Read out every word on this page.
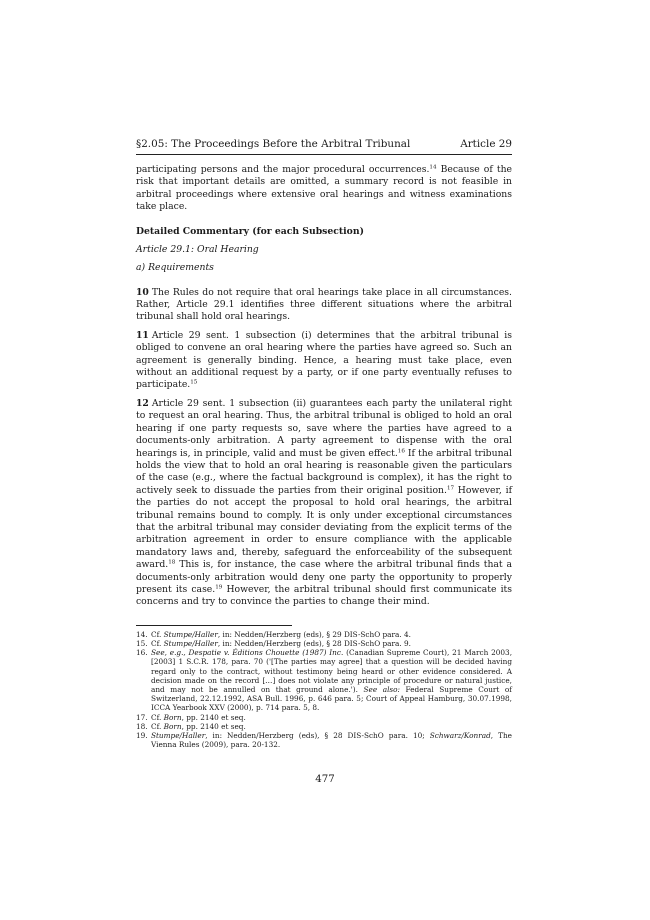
§2.05: The Proceedings Before the Arbitral Tribunal	Article 29

participating persons and the major procedural occurrences.$^{14}$ Because of the risk that important details are omitted, a summary record is not feasible in arbitral proceedings where extensive oral hearings and witness examinations take place.

Detailed Commentary (for each Subsection)
Article 29.1: Oral Hearing
a) Requirements

10 The Rules do not require that oral hearings take place in all circumstances. Rather, Article 29.1 identifies three different situations where the arbitral tribunal shall hold oral hearings.

11 Article 29 sent. 1 subsection (i) determines that the arbitral tribunal is obliged to convene an oral hearing where the parties have agreed so. Such an agreement is generally binding. Hence, a hearing must take place, even without an additional request by a party, or if one party eventually refuses to participate.$^{15}$

12 Article 29 sent. 1 subsection (ii) guarantees each party the unilateral right to request an oral hearing. Thus, the arbitral tribunal is obliged to hold an oral hearing if one party requests so, save where the parties have agreed to a documents-only arbitration. A party agreement to dispense with the oral hearings is, in principle, valid and must be given effect.$^{16}$ If the arbitral tribunal holds the view that to hold an oral hearing is reasonable given the particulars of the case (e.g., where the factual background is complex), it has the right to actively seek to dissuade the parties from their original position.$^{17}$ However, if the parties do not accept the proposal to hold oral hearings, the arbitral tribunal remains bound to comply. It is only under exceptional circumstances that the arbitral tribunal may consider deviating from the explicit terms of the arbitration agreement in order to ensure compliance with the applicable mandatory laws and, thereby, safeguard the enforceability of the subsequent award.$^{18}$ This is, for instance, the case where the arbitral tribunal finds that a documents-only arbitration would deny one party the opportunity to properly present its case.$^{19}$ However, the arbitral tribunal should first communicate its concerns and try to convince the parties to change their mind.

14. Cf. Stumpe/Haller, in: Nedden/Herzberg (eds), § 29 DIS-SchO para. 4.
15. Cf. Stumpe/Haller, in: Nedden/Herzberg (eds), § 28 DIS-SchO para. 9.
16. See, e.g., Despatie v. Éditions Chouette (1987) Inc. (Canadian Supreme Court), 21 March 2003, [2003] 1 S.C.R. 178, para. 70 ('[The parties may agree] that a question will be decided having regard only to the contract, without testimony being heard or other evidence considered. A decision made on the record […] does not violate any principle of procedure or natural justice, and may not be annulled on that ground alone.'). See also: Federal Supreme Court of Switzerland, 22.12.1992, ASA Bull. 1996, p. 646 para. 5; Court of Appeal Hamburg, 30.07.1998, ICCA Yearbook XXV (2000), p. 714 para. 5, 8.
17. Cf. Born, pp. 2140 et seq.
18. Cf. Born, pp. 2140 et seq.
19. Stumpe/Haller, in: Nedden/Herzberg (eds), § 28 DIS-SchO para. 10; Schwarz/Konrad, The Vienna Rules (2009), para. 20-132.
477
